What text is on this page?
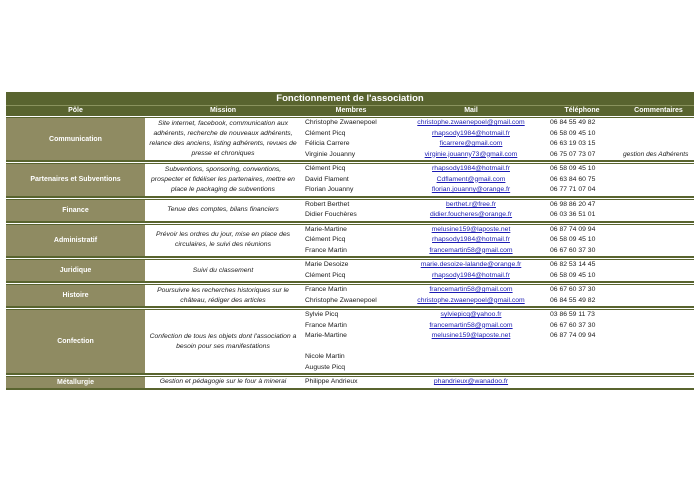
Fonctionnement de l'association
Pôle	Mission	Membres	Mail	Téléphone	Commentaires
Communication
Site internet, facebook, communication aux adhérents, recherche de nouveaux adhérents, relance des anciens, listing adhérents, revues de presse et chroniques
Christophe Zwaenepoel	christophe.zwaenepoel@gmail.com	06 84 55 49 82
Clément Picq	rhapsody1984@hotmail.fr	06 58 09 45 10
Félicia Carrere	ficarrere@gmail.com	06 63 19 03 15
Virginie Jouanny	virginie.jouanny73@gmail.com	06 75 07 73 07	gestion des Adhérents
Partenaires et Subventions
Subventions, sponsoring, conventions, prospecter et fidéliser les partenaires, mettre en place le packaging de subventions
Clément Picq	rhapsody1984@hotmail.fr	06 58 09 45 10
David Flament	Cdflament@gmail.com	06 63 84 60 75
Florian Jouanny	florian.jouanny@orange.fr	06 77 71 07 04
Finance	Tenue des comptes, bilans financiers
Robert Berthet	berthet.r@free.fr	06 98 86 20 47
Didier Fouchères	didier.foucheres@orange.fr	06 03 36 51 01
Administratif
Prévoir les ordres du jour, mise en place des circulaires, le suivi des réunions
Marie-Martine	melusine159@laposte.net	06 87 74 09 94
Clément Picq	rhapsody1984@hotmail.fr	06 58 09 45 10
France Martin	francemartin58@gmail.com	06 67 60 37 30
Juridique	Suivi du classement
Marie Desoize	marie.desoize-lalande@orange.fr	06 82 53 14 45
Clément Picq	rhapsody1984@hotmail.fr	06 58 09 45 10
Histoire
Poursuivre les recherches historiques sur le château, rédiger des articles
France Martin	francemartin58@gmail.com	06 67 60 37 30
Christophe Zwaenepoel	christophe.zwaenepoel@gmail.com	06 84 55 49 82
Confection
Confection de tous les objets dont l'association a besoin pour ses manifestations
Sylvie Picq	sylviepicq@yahoo.fr	03 86 59 11 73
France Martin	francemartin58@gmail.com	06 67 60 37 30
Marie-Martine	melusine159@laposte.net	06 87 74 09 94
Nicole Martin
Auguste Picq
Métallurgie	Gestion et pédagogie sur le four à minerai	Philippe Andrieux	phandrieux@wanadoo.fr
